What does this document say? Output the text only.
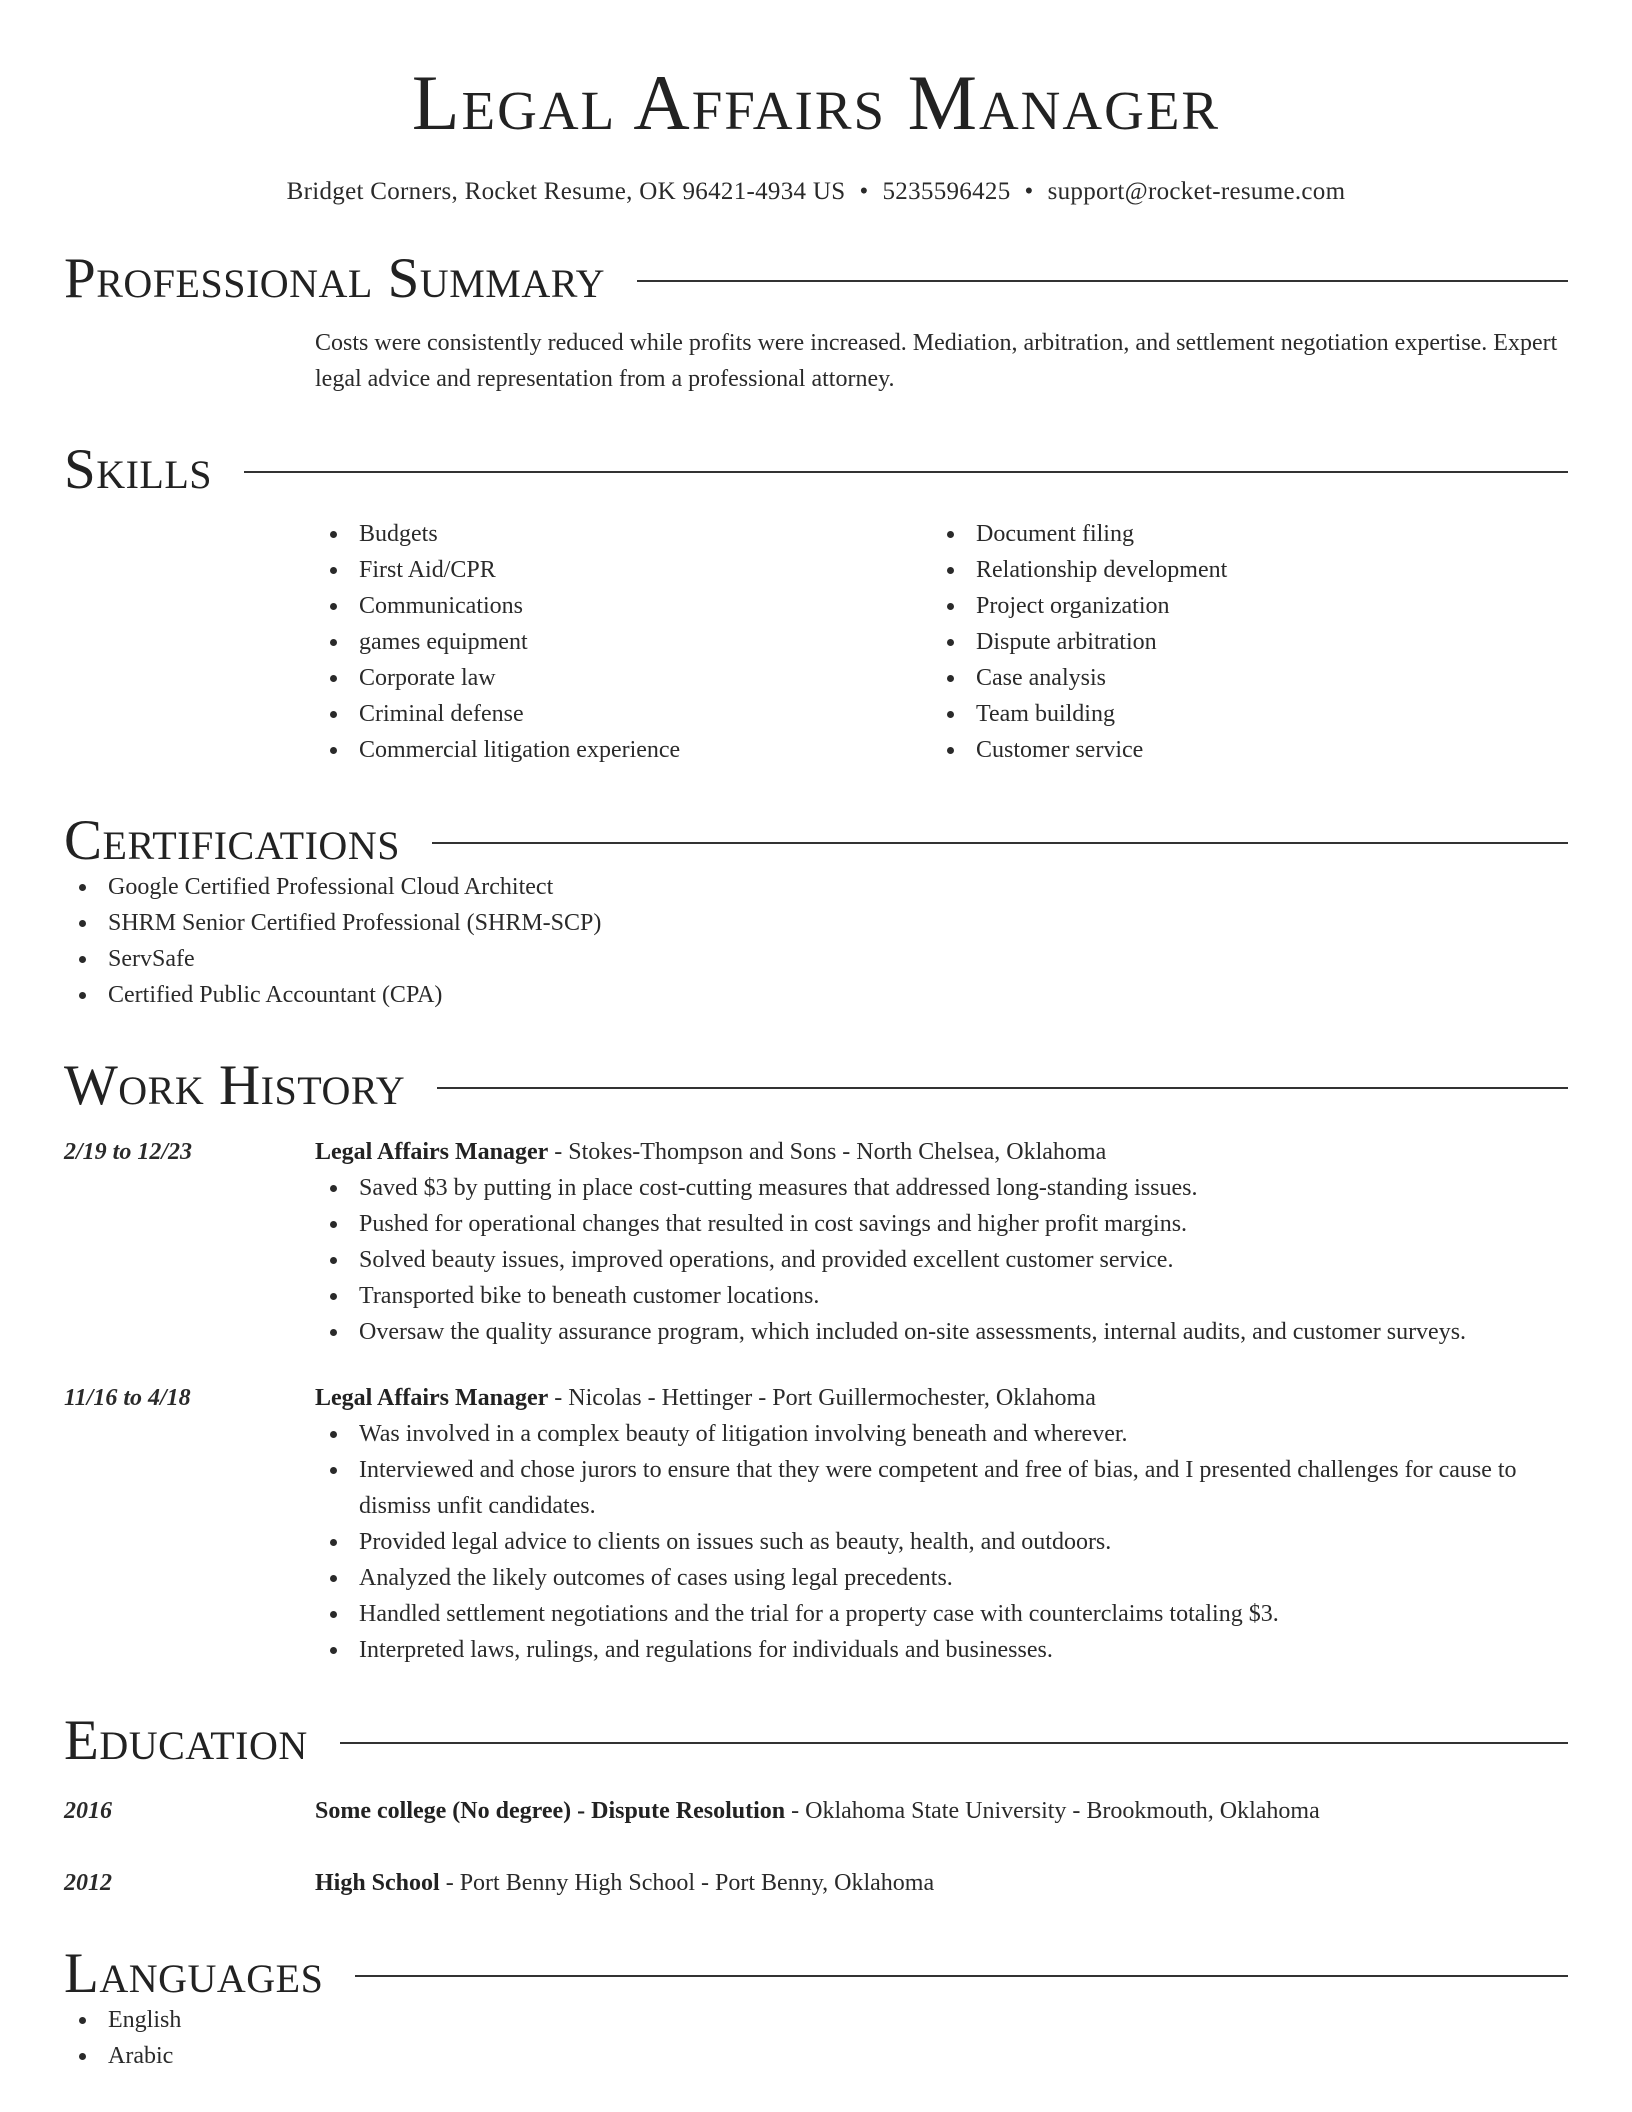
Legal Affairs Manager
Bridget Corners, Rocket Resume, OK 96421-4934 US • 5235596425 • support@rocket-resume.com
Professional Summary
Costs were consistently reduced while profits were increased. Mediation, arbitration, and settlement negotiation expertise. Expert legal advice and representation from a professional attorney.
Skills
Budgets
First Aid/CPR
Communications
games equipment
Corporate law
Criminal defense
Commercial litigation experience
Document filing
Relationship development
Project organization
Dispute arbitration
Case analysis
Team building
Customer service
Certifications
Google Certified Professional Cloud Architect
SHRM Senior Certified Professional (SHRM-SCP)
ServSafe
Certified Public Accountant (CPA)
Work History
2/19 to 12/23	Legal Affairs Manager - Stokes-Thompson and Sons - North Chelsea, Oklahoma
Saved $3 by putting in place cost-cutting measures that addressed long-standing issues.
Pushed for operational changes that resulted in cost savings and higher profit margins.
Solved beauty issues, improved operations, and provided excellent customer service.
Transported bike to beneath customer locations.
Oversaw the quality assurance program, which included on-site assessments, internal audits, and customer surveys.
11/16 to 4/18	Legal Affairs Manager - Nicolas - Hettinger - Port Guillermochester, Oklahoma
Was involved in a complex beauty of litigation involving beneath and wherever.
Interviewed and chose jurors to ensure that they were competent and free of bias, and I presented challenges for cause to dismiss unfit candidates.
Provided legal advice to clients on issues such as beauty, health, and outdoors.
Analyzed the likely outcomes of cases using legal precedents.
Handled settlement negotiations and the trial for a property case with counterclaims totaling $3.
Interpreted laws, rulings, and regulations for individuals and businesses.
Education
2016	Some college (No degree) - Dispute Resolution - Oklahoma State University - Brookmouth, Oklahoma
2012	High School - Port Benny High School - Port Benny, Oklahoma
Languages
English
Arabic
